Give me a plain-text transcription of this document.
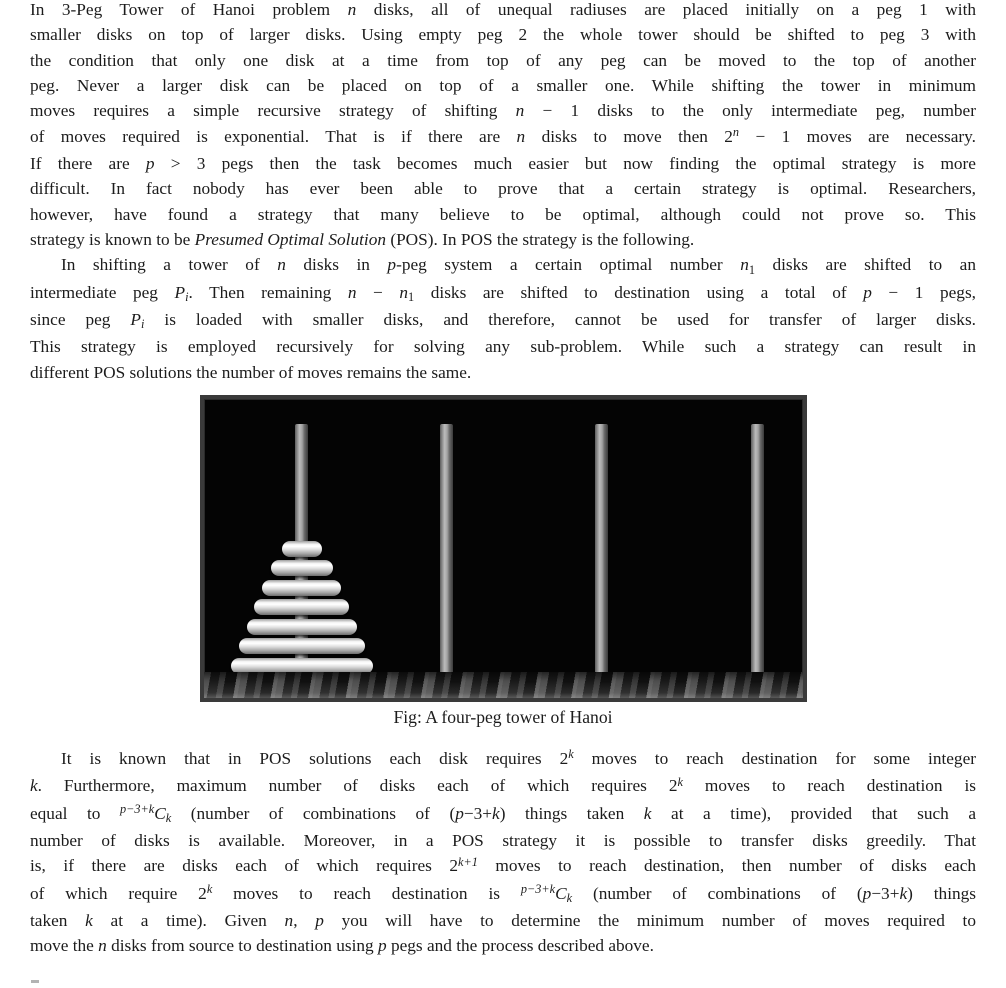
In 3-Peg Tower of Hanoi problem n disks, all of unequal radiuses are placed initially on a peg 1 with
smaller disks on top of larger disks. Using empty peg 2 the whole tower should be shifted to peg 3 with
the condition that only one disk at a time from top of any peg can be moved to the top of another
peg. Never a larger disk can be placed on top of a smaller one. While shifting the tower in minimum
moves requires a simple recursive strategy of shifting n − 1 disks to the only intermediate peg, number
of moves required is exponential. That is if there are n disks to move then $2^n - 1$ moves are necessary.
If there are p > 3 pegs then the task becomes much easier but now finding the optimal strategy is more
difficult. In fact nobody has ever been able to prove that a certain strategy is optimal. Researchers,
however, have found a strategy that many believe to be optimal, although could not prove so. This
strategy is known to be Presumed Optimal Solution (POS). In POS the strategy is the following.
In shifting a tower of n disks in p-peg system a certain optimal number n1 disks are shifted to an
intermediate peg Pi. Then remaining n − n1 disks are shifted to destination using a total of p − 1 pegs,
since peg Pi is loaded with smaller disks, and therefore, cannot be used for transfer of larger disks.
This strategy is employed recursively for solving any sub-problem. While such a strategy can result in
different POS solutions the number of moves remains the same.
Fig: A four-peg tower of Hanoi
It is known that in POS solutions each disk requires 2$^k$ moves to reach destination for some integer
k. Furthermore, maximum number of disks each of which requires 2$^k$ moves to reach destination is
equal to $^{p-3+k}$Ck (number of combinations of (p−3+k) things taken k at a time), provided that such a
number of disks is available. Moreover, in a POS strategy it is possible to transfer disks greedily. That
is, if there are disks each of which requires $2^{k+1}$ moves to reach destination, then number of disks each
of which require 2$^k$ moves to reach destination is $^{p-3+k}$Ck (number of combinations of (p−3+k) things
taken k at a time). Given n, p you will have to determine the minimum number of moves required to
move the n disks from source to destination using p pegs and the process described above.
